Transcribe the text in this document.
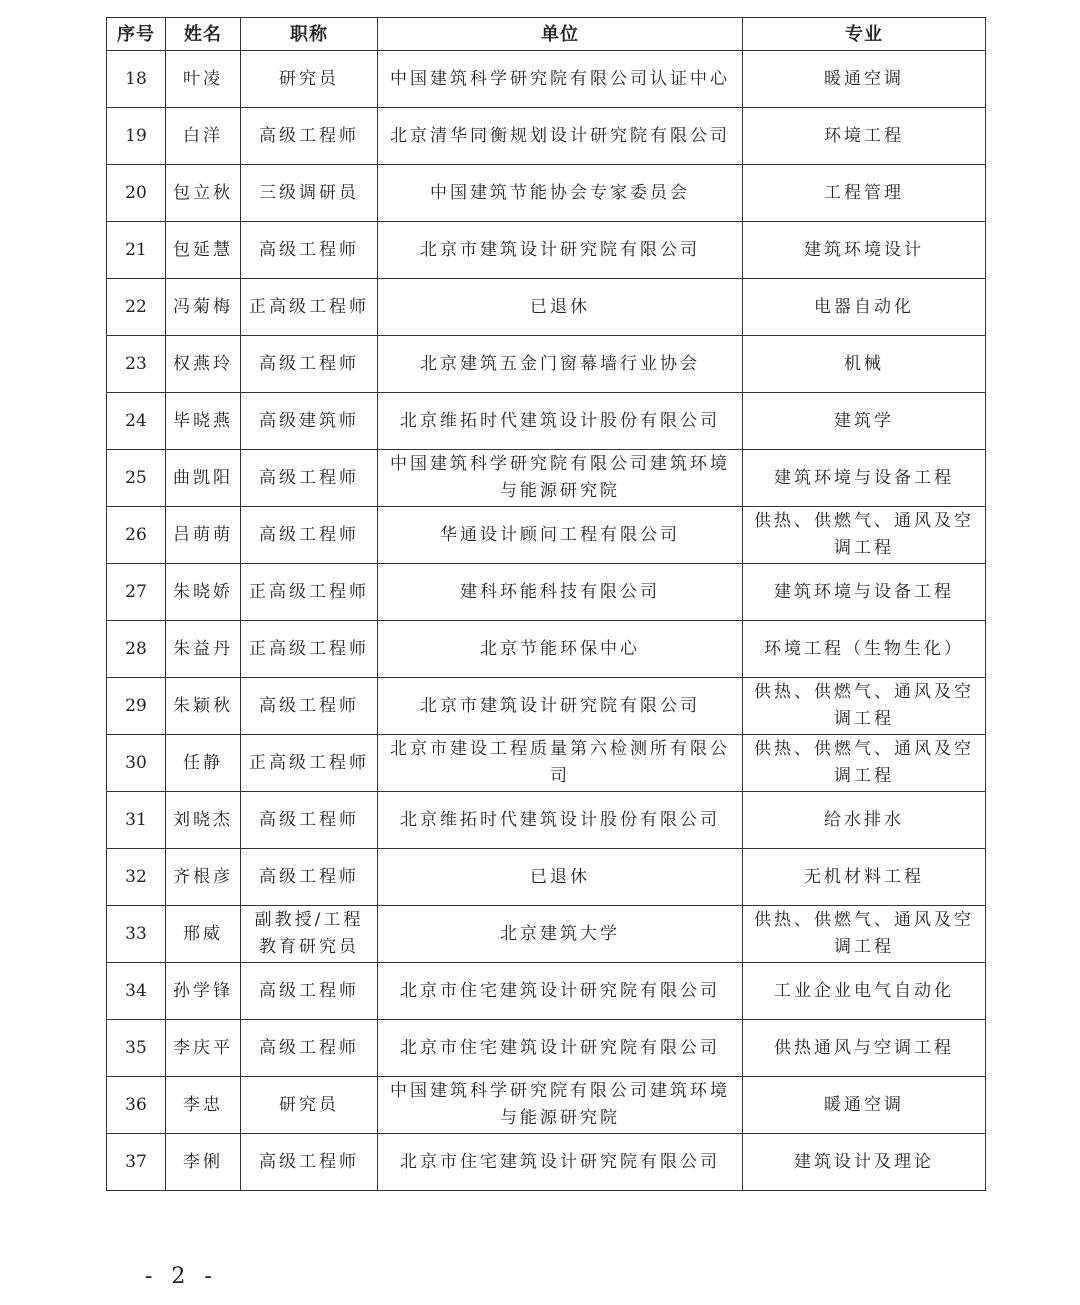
序号	姓名	职称	单位	专业
18	叶凌	研究员	中国建筑科学研究院有限公司认证中心	暖通空调
19	白洋	高级工程师	北京清华同衡规划设计研究院有限公司	环境工程
20	包立秋	三级调研员	中国建筑节能协会专家委员会	工程管理
21	包延慧	高级工程师	北京市建筑设计研究院有限公司	建筑环境设计
22	冯菊梅	正高级工程师	已退休	电器自动化
23	权燕玲	高级工程师	北京建筑五金门窗幕墙行业协会	机械
24	毕晓燕	高级建筑师	北京维拓时代建筑设计股份有限公司	建筑学
25	曲凯阳	高级工程师	中国建筑科学研究院有限公司建筑环境与能源研究院	建筑环境与设备工程
26	吕萌萌	高级工程师	华通设计顾问工程有限公司	供热、供燃气、通风及空调工程
27	朱晓娇	正高级工程师	建科环能科技有限公司	建筑环境与设备工程
28	朱益丹	正高级工程师	北京节能环保中心	环境工程（生物生化）
29	朱颖秋	高级工程师	北京市建筑设计研究院有限公司	供热、供燃气、通风及空调工程
30	任静	正高级工程师	北京市建设工程质量第六检测所有限公司	供热、供燃气、通风及空调工程
31	刘晓杰	高级工程师	北京维拓时代建筑设计股份有限公司	给水排水
32	齐根彦	高级工程师	已退休	无机材料工程
33	邢威	副教授/工程教育研究员	北京建筑大学	供热、供燃气、通风及空调工程
34	孙学锋	高级工程师	北京市住宅建筑设计研究院有限公司	工业企业电气自动化
35	李庆平	高级工程师	北京市住宅建筑设计研究院有限公司	供热通风与空调工程
36	李忠	研究员	中国建筑科学研究院有限公司建筑环境与能源研究院	暖通空调
37	李俐	高级工程师	北京市住宅建筑设计研究院有限公司	建筑设计及理论
- 2 -
